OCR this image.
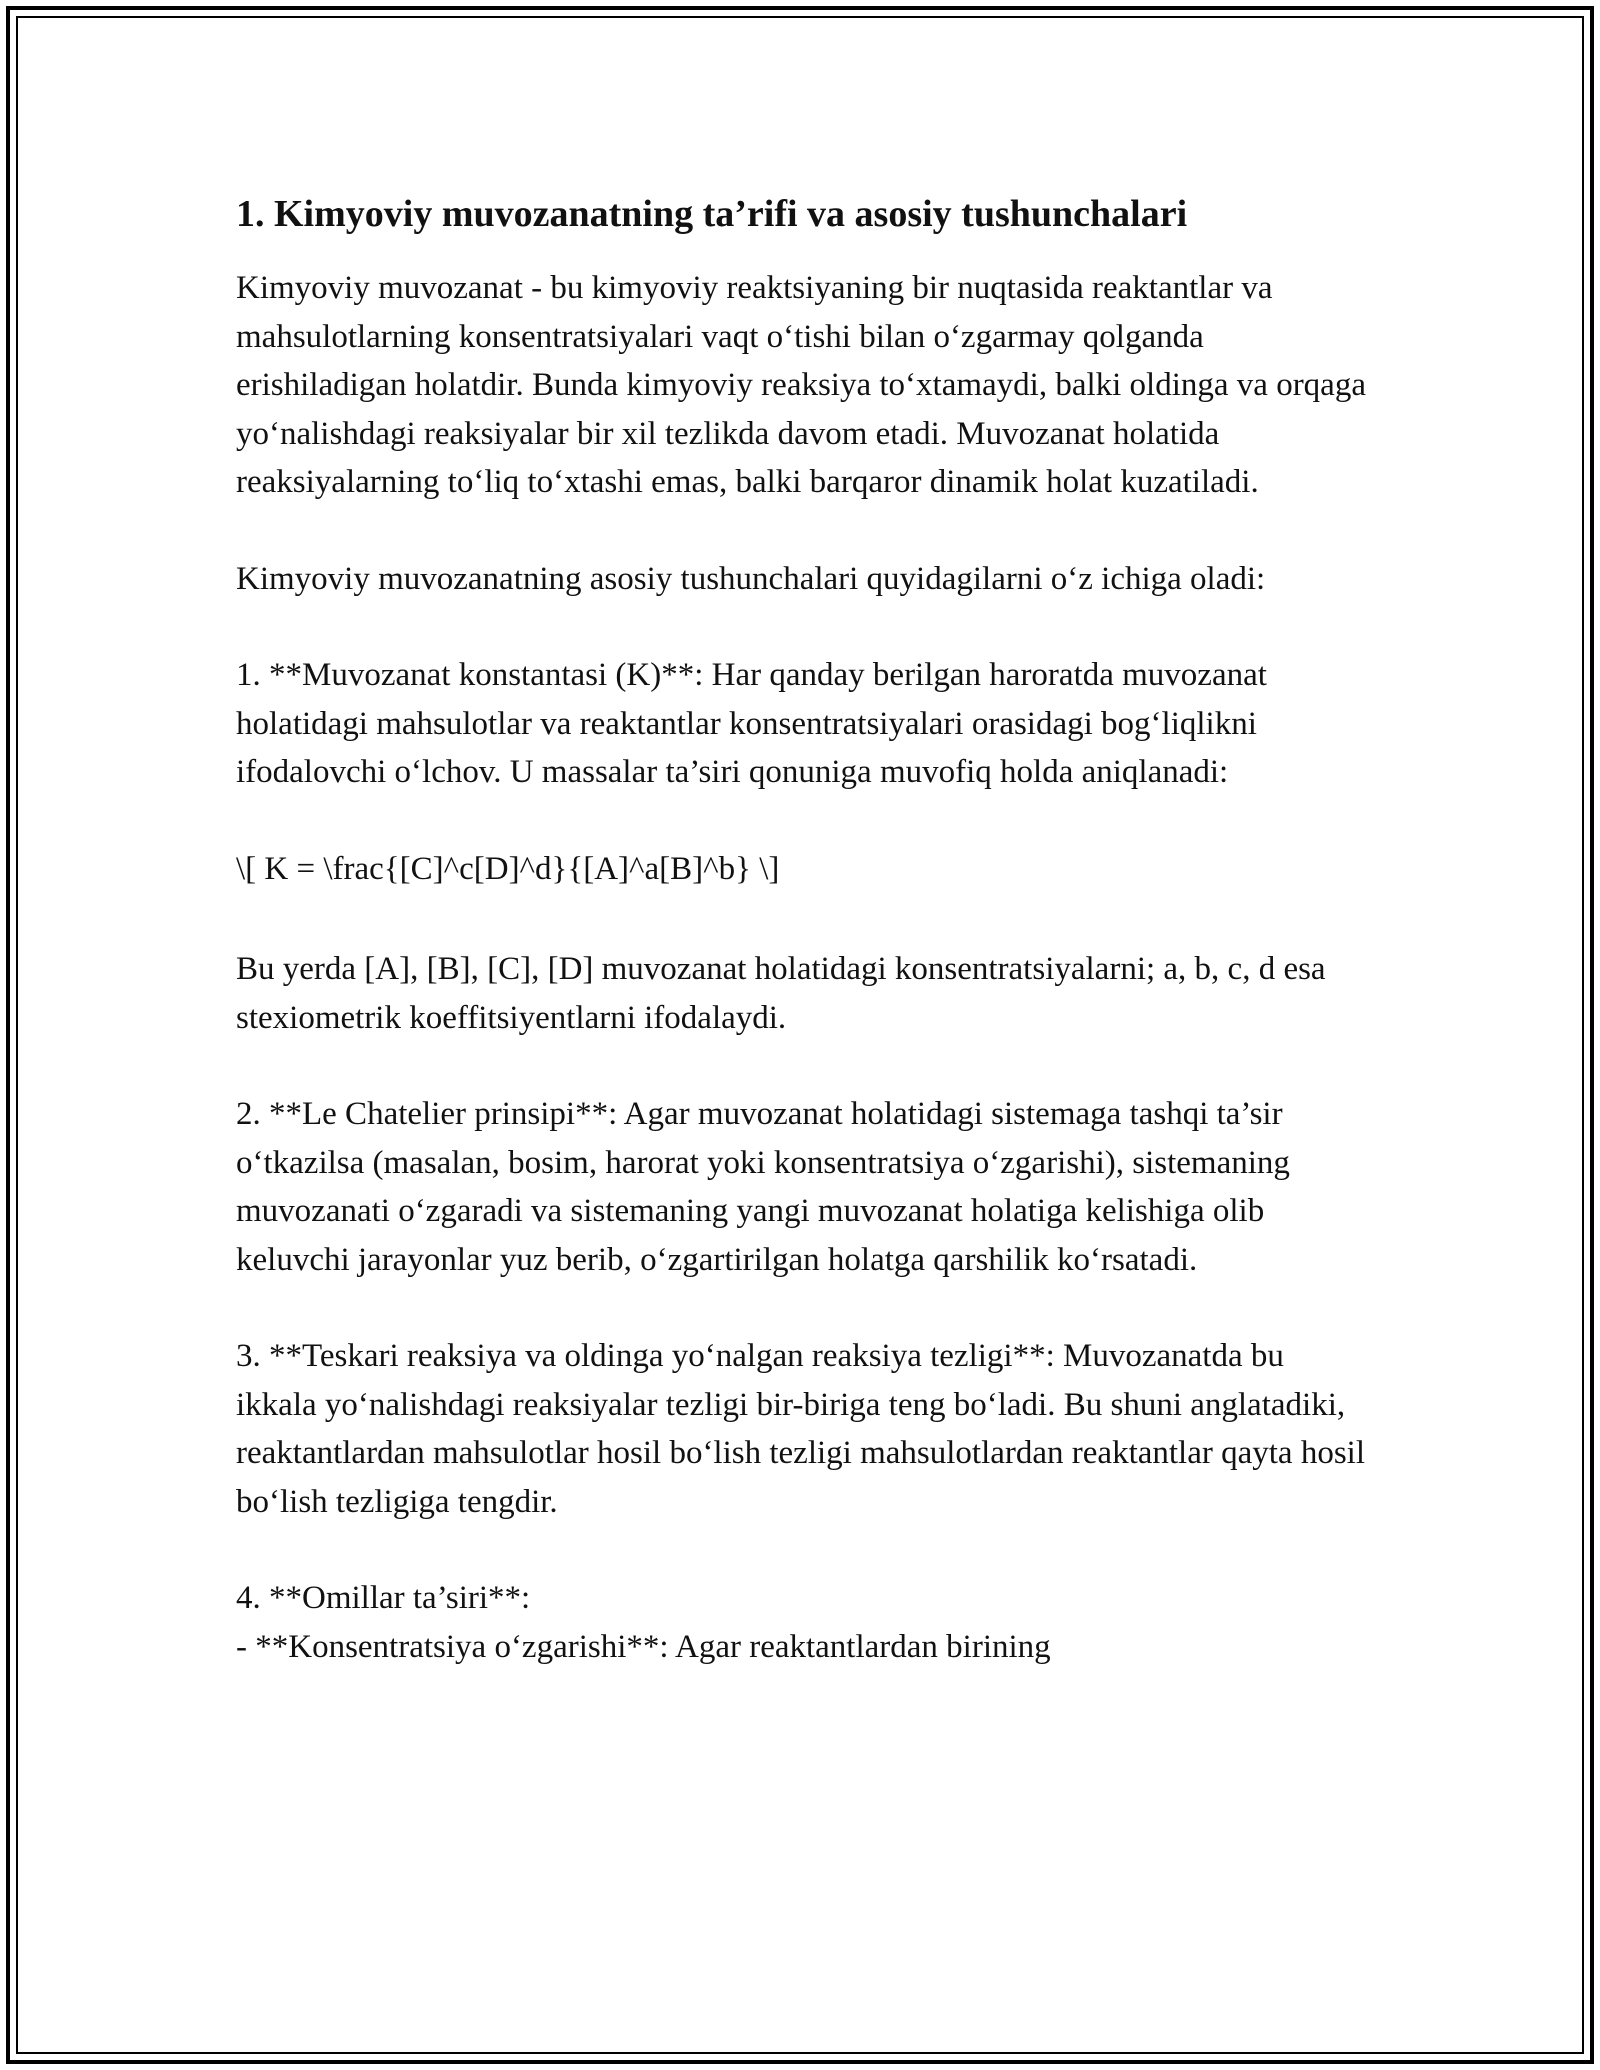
1. Kimyoviy muvozanatning ta’rifi va asosiy tushunchalari

Kimyoviy muvozanat - bu kimyoviy reaktsiyaning bir nuqtasida reaktantlar va mahsulotlarning konsentratsiyalari vaqt o‘tishi bilan o‘zgarmay qolganda erishiladigan holatdir. Bunda kimyoviy reaksiya to‘xtamaydi, balki oldinga va orqaga yo‘nalishdagi reaksiyalar bir xil tezlikda davom etadi. Muvozanat holatida reaksiyalarning to‘liq to‘xtashi emas, balki barqaror dinamik holat kuzatiladi.

Kimyoviy muvozanatning asosiy tushunchalari quyidagilarni o‘z ichiga oladi:

1. **Muvozanat konstantasi (K)**: Har qanday berilgan haroratda muvozanat holatidagi mahsulotlar va reaktantlar konsentratsiyalari orasidagi bog‘liqlikni ifodalovchi o‘lchov. U massalar ta’siri qonuniga muvofiq holda aniqlanadi:

\[ K = \frac{[C]^c[D]^d}{[A]^a[B]^b} \]

Bu yerda [A], [B], [C], [D] muvozanat holatidagi konsentratsiyalarni; a, b, c, d esa stexiometrik koeffitsiyentlarni ifodalaydi.

2. **Le Chatelier prinsipi**: Agar muvozanat holatidagi sistemaga tashqi ta’sir o‘tkazilsa (masalan, bosim, harorat yoki konsentratsiya o‘zgarishi), sistemaning muvozanati o‘zgaradi va sistemaning yangi muvozanat holatiga kelishiga olib keluvchi jarayonlar yuz berib, o‘zgartirilgan holatga qarshilik ko‘rsatadi.

3. **Teskari reaksiya va oldinga yo‘nalgan reaksiya tezligi**: Muvozanatda bu ikkala yo‘nalishdagi reaksiyalar tezligi bir-biriga teng bo‘ladi. Bu shuni anglatadiki, reaktantlardan mahsulotlar hosil bo‘lish tezligi mahsulotlardan reaktantlar qayta hosil bo‘lish tezligiga tengdir.

4. **Omillar ta’siri**:
- **Konsentratsiya o‘zgarishi**: Agar reaktantlardan birining
